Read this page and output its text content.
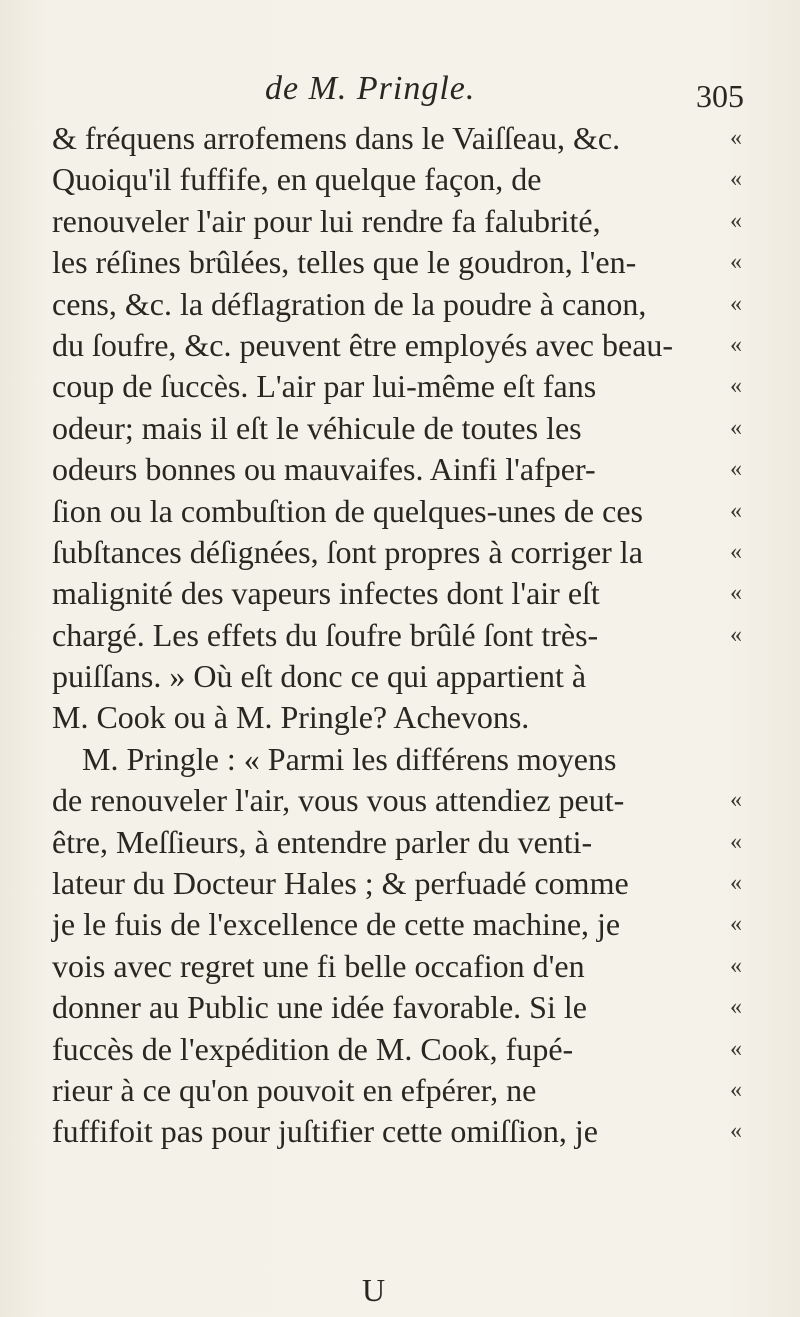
de M. Pringle.	305
& fréquens arrofemens dans le Vaiſſeau, &c.	«
Quoiqu'il fuffife, en quelque façon, de	«
renouveler l'air pour lui rendre fa falubrité,	«
les réſines brûlées, telles que le goudron, l'en-	«
cens, &c. la déflagration de la poudre à canon,	«
du ſoufre, &c. peuvent être employés avec beau- «
coup de ſuccès. L'air par lui-même eſt fans	«
odeur; mais il eſt le véhicule de toutes les	«
odeurs bonnes ou mauvaifes. Ainfi l'afper-	«
ſion ou la combuſtion de quelques-unes de ces	«
ſubſtances déſignées, ſont propres à corriger la	«
malignité des vapeurs infectes dont l'air eſt	«
chargé. Les effets du ſoufre brûlé ſont très-	«
puiſſans. » Où eſt donc ce qui appartient à
M. Cook ou à M. Pringle? Achevons.
M. Pringle : « Parmi les différens moyens
de renouveler l'air, vous vous attendiez peut-	«
être, Meſſieurs, à entendre parler du venti-	«
lateur du Docteur Hales ; & perfuadé comme	«
je le fuis de l'excellence de cette machine, je	«
vois avec regret une fi belle occafion d'en	«
donner au Public une idée favorable. Si le	«
fuccès de l'expédition de M. Cook, fupé-	«
rieur à ce qu'on pouvoit en efpérer, ne	«
fuffifoit pas pour juſtifier cette omiſſion, je	«
U
